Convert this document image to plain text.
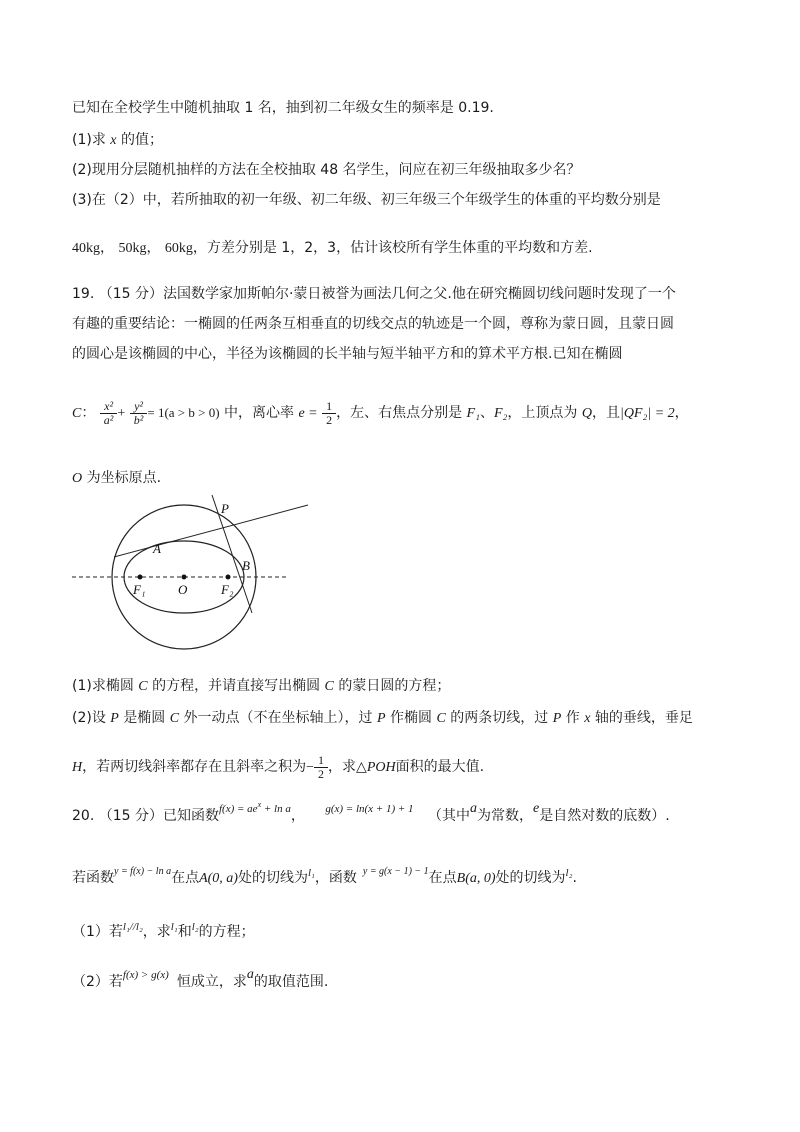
已知在全校学生中随机抽取 1 名，抽到初二年级女生的频率是 0.19.
(1)求 x 的值；
(2)现用分层随机抽样的方法在全校抽取 48 名学生，问应在初三年级抽取多少名？
(3)在（2）中，若所抽取的初一年级、初二年级、初三年级三个年级学生的体重的平均数分别是
40kg， 50kg， 60kg，方差分别是 1，2，3，估计该校所有学生体重的平均数和方差.
19. （15 分）法国数学家加斯帕尔·蒙日被誉为画法几何之父.他在研究椭圆切线问题时发现了一个
有趣的重要结论：一椭圆的任两条互相垂直的切线交点的轨迹是一个圆，尊称为蒙日圆，且蒙日圆
的圆心是该椭圆的中心，半径为该椭圆的长半轴与短半轴平方和的算术平方根.已知在椭圆
C： $\frac{\text{x²}}{\text{a²}} + \frac{\text{y²}}{\text{b²}} = 1(a > b > 0)$ 中，离心率 $e = \frac{1}{2}$ ，左、右焦点分别是 F₁、F₂，上顶点为 Q，且|QF₂| = 2，
O 为坐标原点.
P
A
B
F₁	O	F₂
(1)求椭圆 C 的方程，并请直接写出椭圆 C 的蒙日圆的方程；
(2)设 P 是椭圆 C 外一动点（不在坐标轴上），过 P 作椭圆 C 的两条切线，过 P 作 x 轴的垂线，垂足
H，若两切线斜率都存在且斜率之积为− $\frac{1}{2}$ ，求△POH面积的最大值.
20. （15 分）已知函数$^{f(x) = aex}$ $^{+ ln a}$， $^{g(x) = ln(x + 1) + 1}$ （其中a为常数，e是自然对数的底数）.
若函数$^{y = f(x) - ln a}$在点A(0, a)处的切线为$^{l_1}$，函数 $^{y = g(x - 1) - 1}$在点B(a, 0)处的切线为$^{l_2}$.
（1）若$^{l_1//l_2}$，求$^{l_1}$和$^{l_2}$的方程；
（2）若$^{f(x) > g(x)}$ 恒成立，求a的取值范围.
